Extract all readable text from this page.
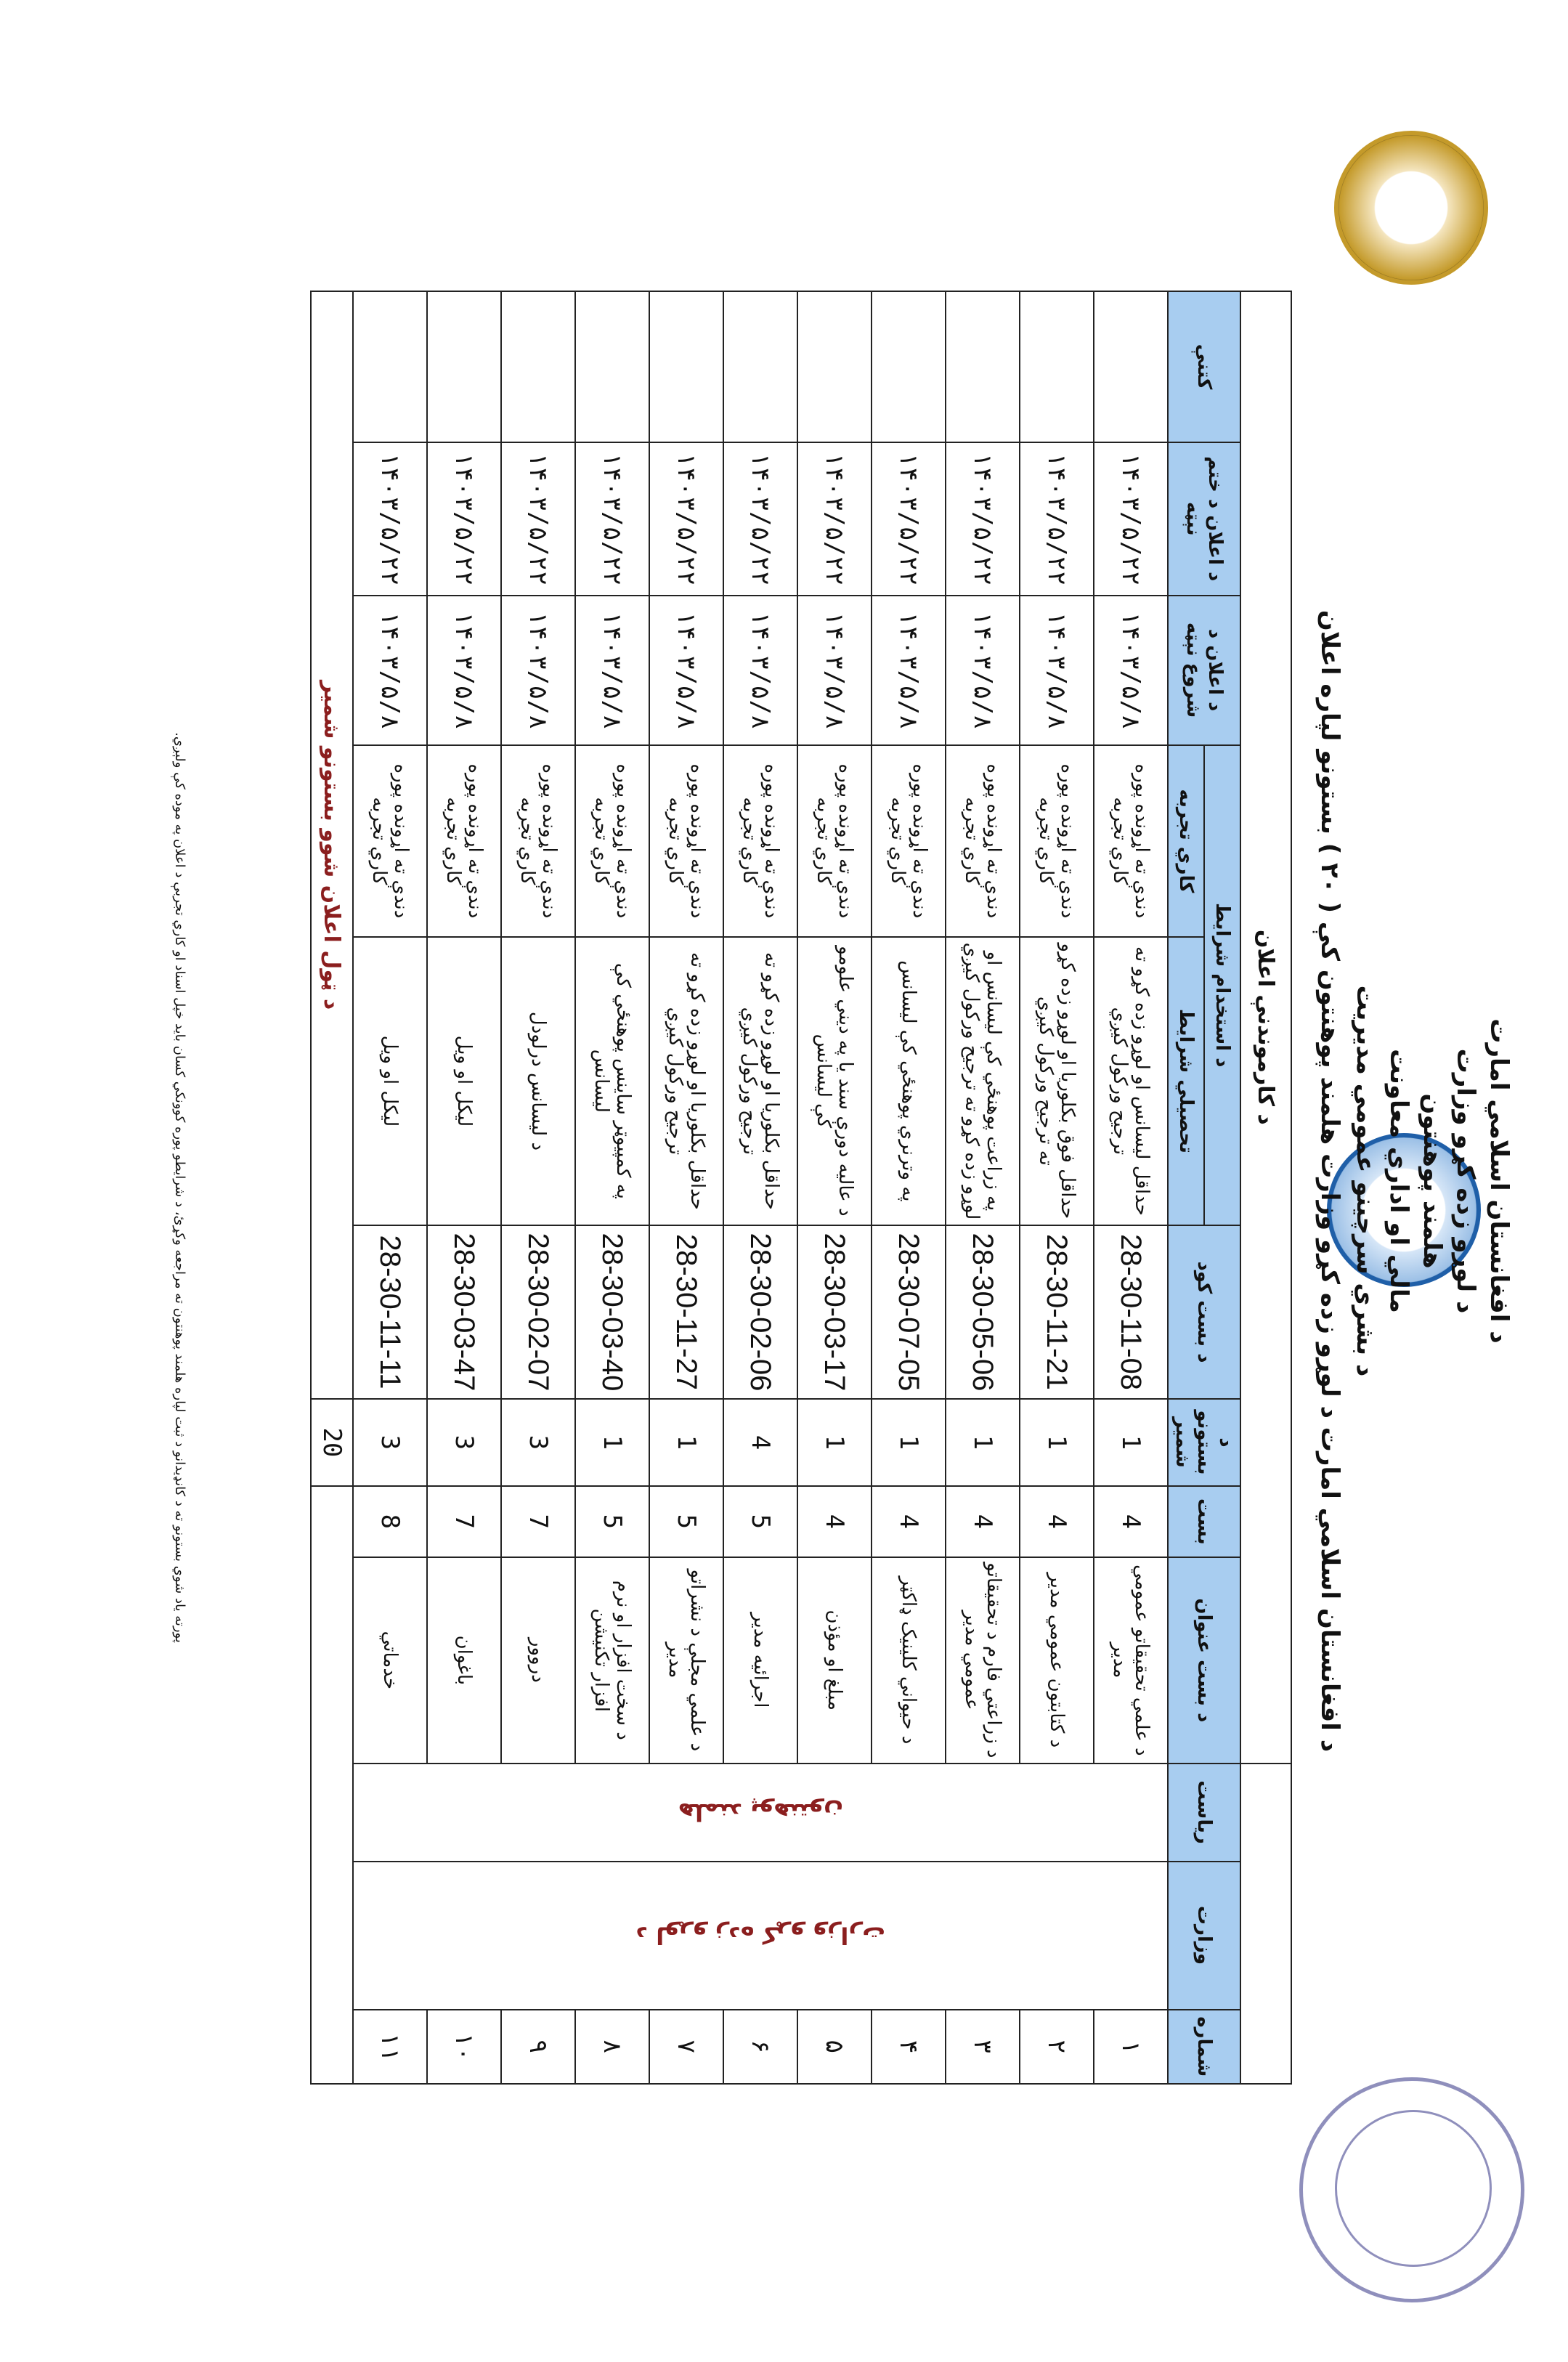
د افغانستان اسلامي امارت
د لوړو زده کړو وزارت
هلمند پوهنتون
مالي او اداري معاونت
د بشري سرچینو عمومي مدیریت
د افغانستان اسلامي امارت د لوړو زده کړو وزارت هلمند پوهنتون کې ( ۲۰ ) بستونو لپاره اعلان
			د کارموندنې اعلان								
شماره	وزارت	رياست	د بست عنوان	بست	د بستونو شمیر	د بست کود	د استخدام شرایط		د اعلان د شروع نېټه	د اعلان د ختم نېټه	کتنې
							تحصیلي شرايط	کاري تجربه			
۱	د لوړو زده کړو وزارت	هلمند پوهنتون	د علمي تحقیقاتو عمومي مدیر	4	1	28-30-11-08	حداقل لیسانس او لوړو زده کړو ته ترجیح ورکول کیږي	دندې ته اړونده پوره کاري تجربه	۱۴۰۳/۵/۸	۱۴۰۳/۵/۲۲	
۲			د کتابتون عمومي مدیر	4	1	28-30-11-21	حداقل فوق بکلوریا او لوړو زده کړو ته ترجیح ورکول کیږي	دندې ته اړونده پوره کاري تجربه	۱۴۰۳/۵/۸	۱۴۰۳/۵/۲۲	
۳			د زراعتي فارم د تحقیقاتو عمومي مدیر	4	1	28-30-05-06	په زراعت پوهنځي کې لیسانس او لوړو زده کړو ته ترجیح ورکول کیږي	دندې ته اړونده پوره کاري تجربه	۱۴۰۳/۵/۸	۱۴۰۳/۵/۲۲	
۴			د حیواني کلینیک ډاکټر	4	1	28-30-07-05	په وترنري پوهنځي کې لیسانس	دندې ته اړونده پوره کاري تجربه	۱۴۰۳/۵/۸	۱۴۰۳/۵/۲۲	
۵			مبلغ او مؤذن	4	1	28-30-03-17	د عالیه دورې سند یا په دیني علومو کې لیسانس	دندې ته اړونده پوره کاري تجربه	۱۴۰۳/۵/۸	۱۴۰۳/۵/۲۲	
۶			اجرائیه مدیر	5	4	28-30-02-06	حداقل بکلوریا او لوړو زده کړو ته ترجیح ورکول کیږي	دندې ته اړونده پوره کاري تجربه	۱۴۰۳/۵/۸	۱۴۰۳/۵/۲۲	
۷			د علمي مجلې د نشراتو مدیر	5	1	28-30-11-27	حداقل بکلوریا او لوړو زده کړو ته ترجیح ورکول کیږي	دندې ته اړونده پوره کاري تجربه	۱۴۰۳/۵/۸	۱۴۰۳/۵/۲۲	
۸			د سخت افزار او نرم افزار تکنیشن	5	1	28-30-03-40	په کمپیوټر ساینس پوهنځي کې لیسانس	دندې ته اړونده پوره کاري تجربه	۱۴۰۳/۵/۸	۱۴۰۳/۵/۲۲	
۹			دروور	7	3	28-30-02-07	د لیسانس درلودل	دندې ته اړونده پوره کاري تجربه	۱۴۰۳/۵/۸	۱۴۰۳/۵/۲۲	
۱۰			باغوان	7	3	28-30-03-47	لیکل او ویل	دندې ته اړونده پوره کاري تجربه	۱۴۰۳/۵/۸	۱۴۰۳/۵/۲۲	
۱۱			خدماتي	8	3	28-30-11-11	لیکل او ویل	دندې ته اړونده پوره کاري تجربه	۱۴۰۳/۵/۸	۱۴۰۳/۵/۲۲	
					20	د ټول اعلان شوو بستونو شمیر					
پورته یاد شوي بستونو ته د کانډیدانو د ثبت لپاره هلمند پوهنتون ته مراجعه وکړئ، د شرایطو پوره کوونکي کسان باید خپل اسناد او کاري تجربې د اعلان په موده کې ولېږي.
